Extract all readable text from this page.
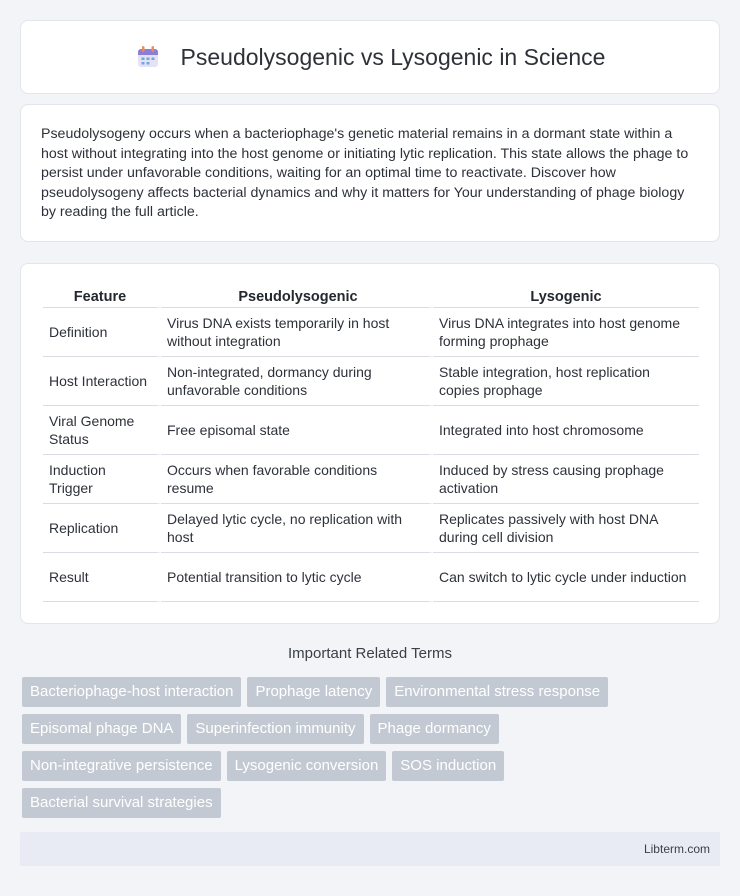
Pseudolysogenic vs Lysogenic in Science

Pseudolysogeny occurs when a bacteriophage's genetic material remains in a dormant state within a host without integrating into the host genome or initiating lytic replication. This state allows the phage to persist under unfavorable conditions, waiting for an optimal time to reactivate. Discover how pseudolysogeny affects bacterial dynamics and why it matters for Your understanding of phage biology by reading the full article.

Feature	Pseudolysogenic	Lysogenic
Definition	Virus DNA exists temporarily in host without integration	Virus DNA integrates into host genome forming prophage
Host Interaction	Non-integrated, dormancy during unfavorable conditions	Stable integration, host replication copies prophage
Viral Genome Status	Free episomal state	Integrated into host chromosome
Induction Trigger	Occurs when favorable conditions resume	Induced by stress causing prophage activation
Replication	Delayed lytic cycle, no replication with host	Replicates passively with host DNA during cell division
Result	Potential transition to lytic cycle	Can switch to lytic cycle under induction
Important Related Terms
Bacteriophage-host interaction	Prophage latency	Environmental stress response
Episomal phage DNA	Superinfection immunity	Phage dormancy
Non-integrative persistence	Lysogenic conversion	SOS induction
Bacterial survival strategies
Libterm.com
